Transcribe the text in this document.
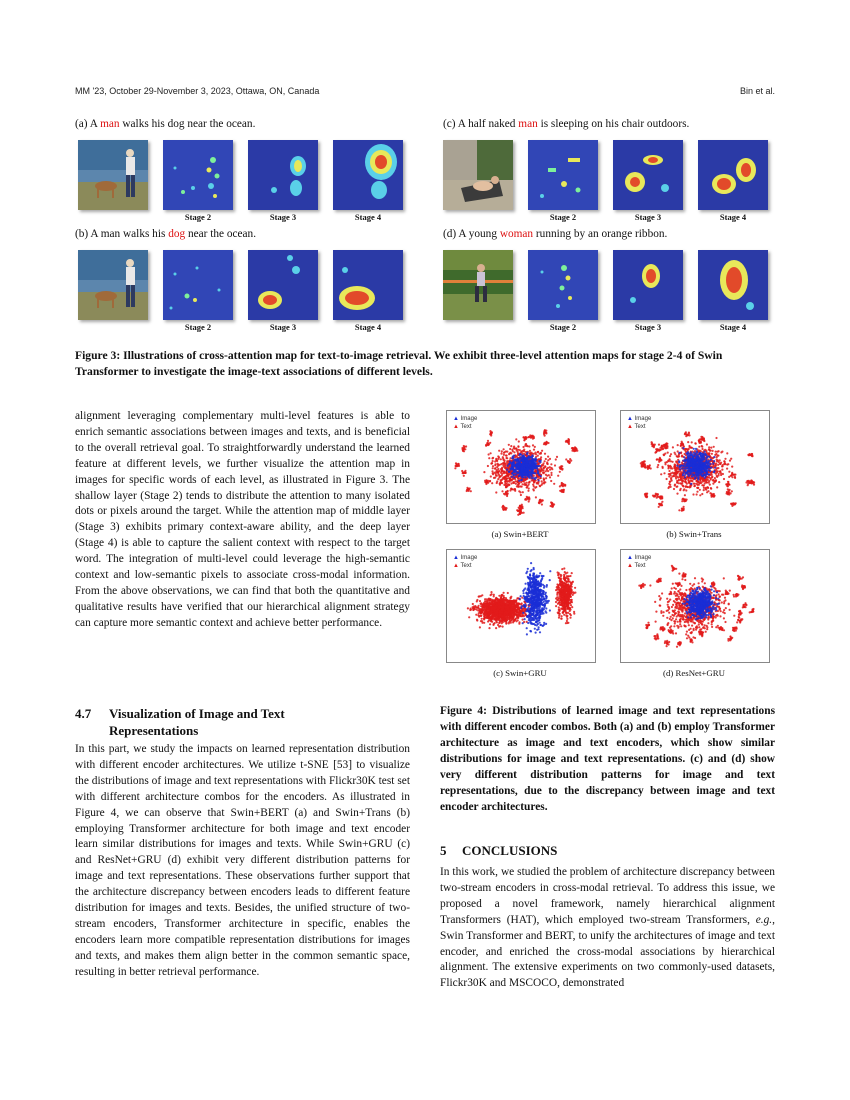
MM '23, October 29-November 3, 2023, Ottawa, ON, Canada	Bin et al.
(a) A man walks his dog near the ocean.
Stage 2	Stage 3	Stage 4
(c) A half naked man is sleeping on his chair outdoors.
Stage 2	Stage 3	Stage 4
(b) A man walks his dog near the ocean.
Stage 2	Stage 3	Stage 4
(d) A young woman running by an orange ribbon.
Stage 2	Stage 3	Stage 4
Figure 3: Illustrations of cross-attention map for text-to-image retrieval. We exhibit three-level attention maps for stage 2-4 of Swin Transformer to investigate the image-text associations of different levels.
alignment leveraging complementary multi-level features is able to enrich semantic associations between images and texts, and is beneficial to the overall retrieval goal. To straightforwardly understand the learned feature at different levels, we further visualize the attention map in images for specific words of each level, as illustrated in Figure 3. The shallow layer (Stage 2) tends to distribute the attention to many isolated dots or pixels around the target. While the attention map of middle layer (Stage 3) exhibits primary context-aware ability, and the deep layer (Stage 4) is able to capture the salient context with respect to the target word. The integration of multi-level could leverage the high-semantic context and low-semantic pixels to associate cross-modal information. From the above observations, we can find that both the quantitative and qualitative results have verified that our hierarchical alignment strategy can capture more semantic context and achieve better performance.
4.7 Visualization of Image and Text
Representations
In this part, we study the impacts on learned representation distribution with different encoder architectures. We utilize t-SNE [53] to visualize the distributions of image and text representations with Flickr30K test set with different architecture combos for the encoders. As illustrated in Figure 4, we can observe that Swin+BERT (a) and Swin+Trans (b) employing Transformer architecture for both image and text encoder learn similar distributions for images and texts. While Swin+GRU (c) and ResNet+GRU (d) exhibit very different distribution patterns for image and text representations. These observations further support that the architecture discrepancy between encoders leads to different feature distribution for images and texts. Besides, the unified structure of two-stream encoders, Transformer architecture in specific, enables the encoders learn more compatible representation distributions for images and texts, and makes them align better in the common semantic space, resulting in better retrieval performance.
▲ Image
▲ Text
(a) Swin+BERT
▲ Image
▲ Text
(b) Swin+Trans
▲ Image
▲ Text
(c) Swin+GRU
▲ Image
▲ Text
(d) ResNet+GRU
Figure 4: Distributions of learned image and text representations with different encoder combos. Both (a) and (b) employ Transformer architecture as image and text encoders, which show similar distributions for image and text representations. (c) and (d) show very different distribution patterns for image and text representations, due to the discrepancy between image and text encoder architectures.
5 CONCLUSIONS
In this work, we studied the problem of architecture discrepancy between two-stream encoders in cross-modal retrieval. To address this issue, we proposed a novel framework, namely hierarchical alignment Transformers (HAT), which employed two-stream Transformers, e.g., Swin Transformer and BERT, to unify the architectures of image and text encoder, and enriched the cross-modal associations by hierarchical alignment. The extensive experiments on two commonly-used datasets, Flickr30K and MSCOCO, demonstrated
